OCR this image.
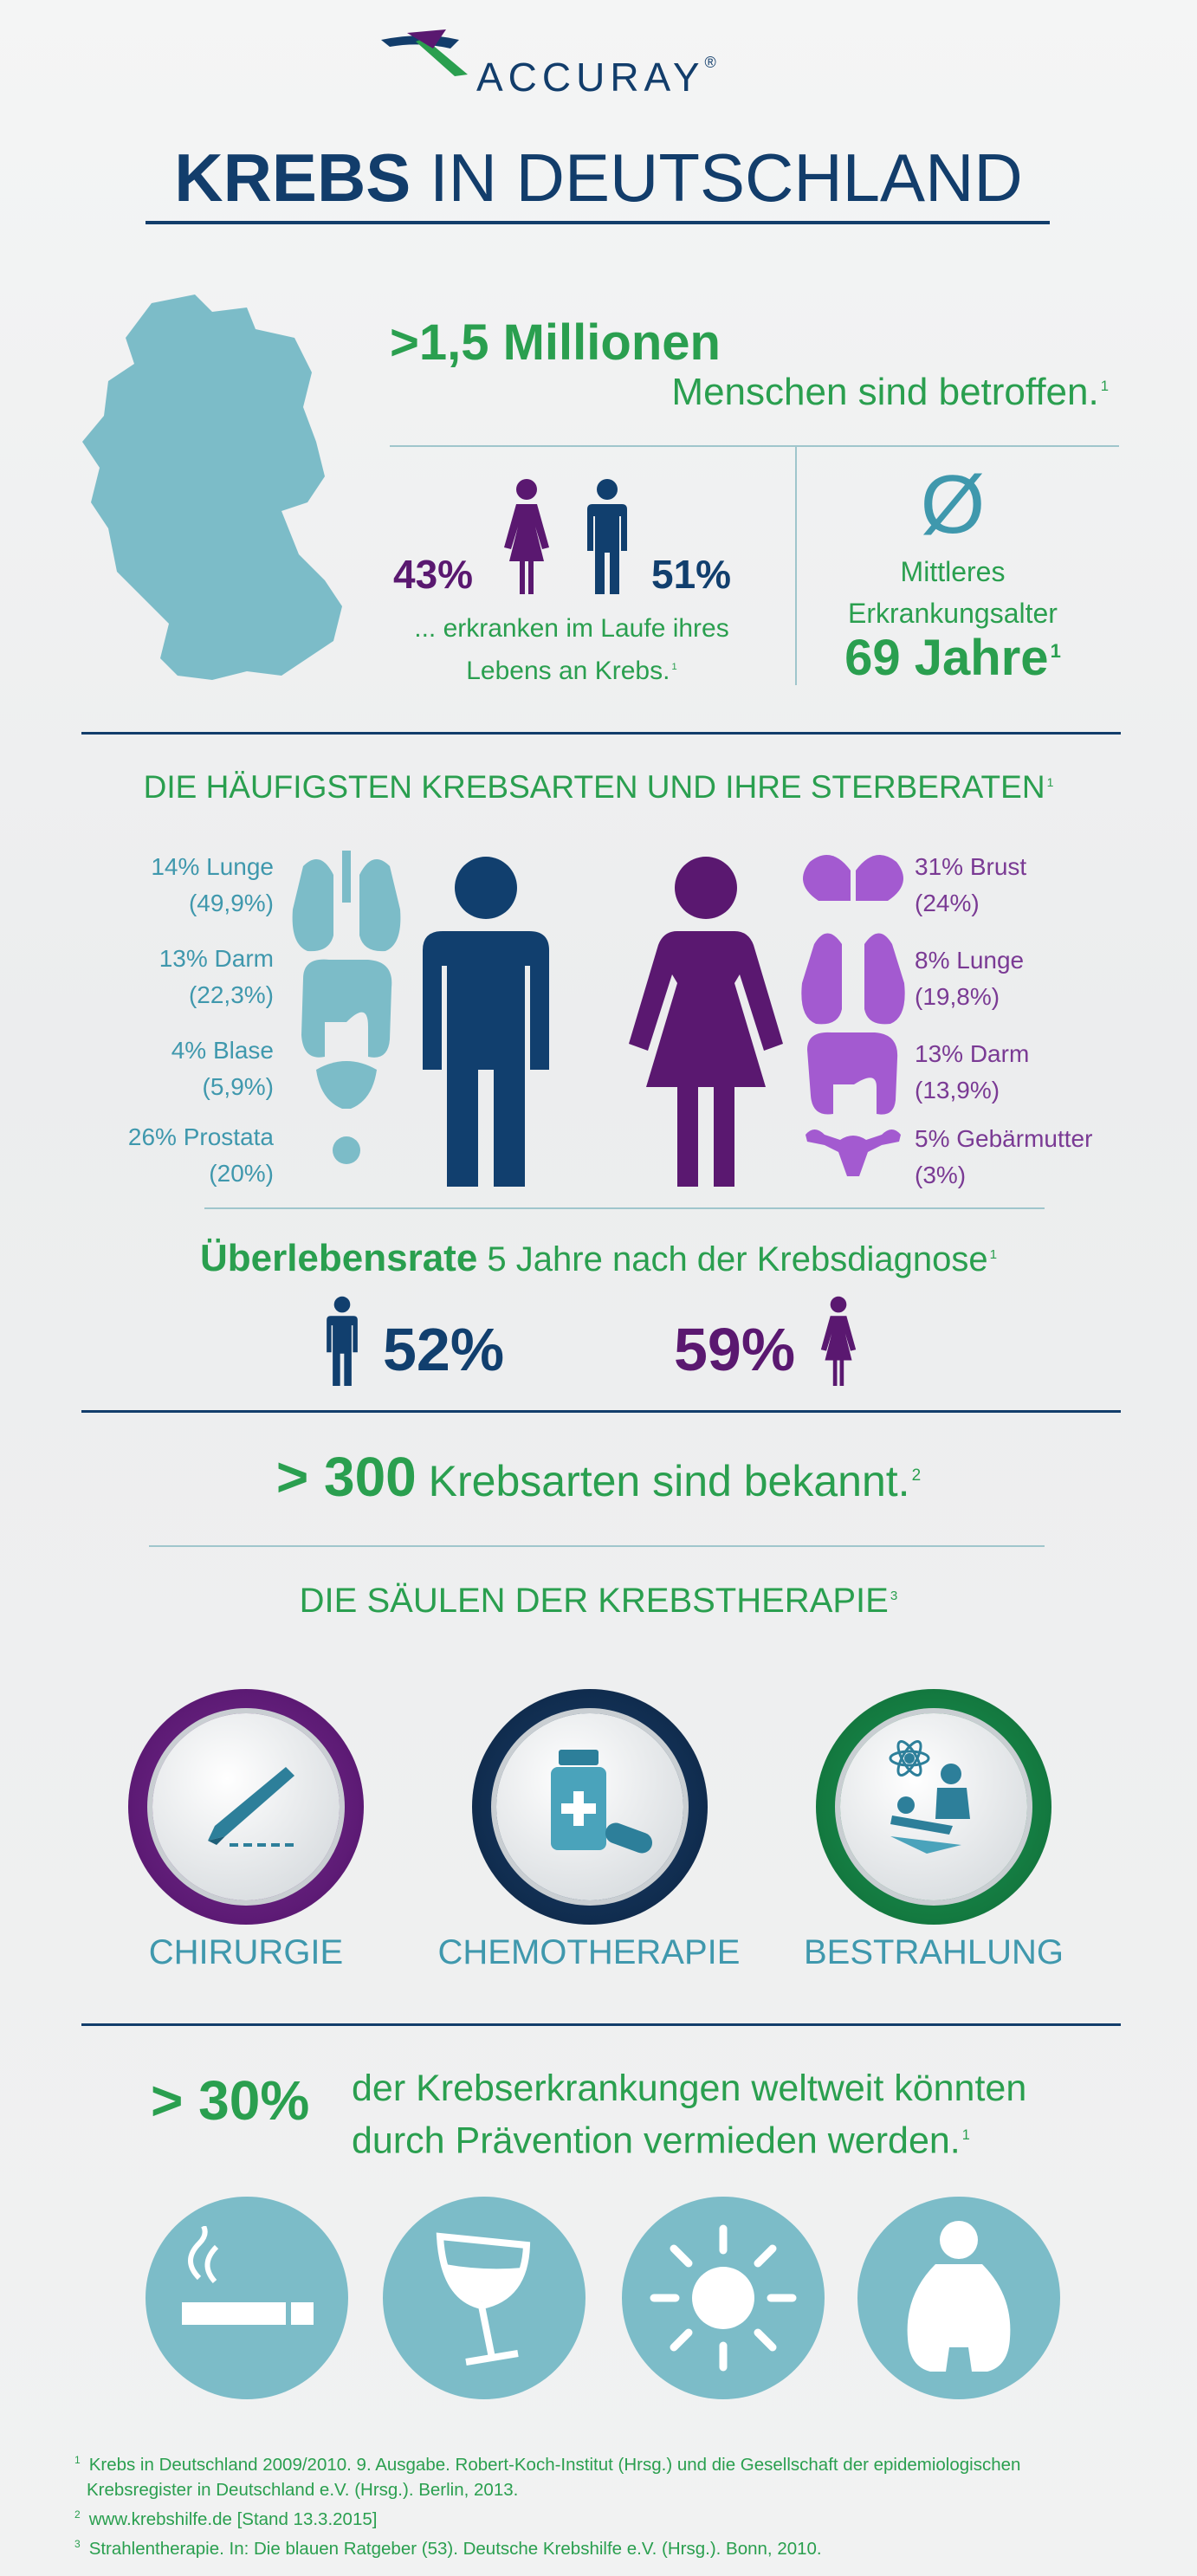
ACCURAY®
KREBS IN DEUTSCHLAND
>1,5 Millionen
Menschen sind betroffen. $^1$
43%	51%
... erkranken im Laufe ihres
Lebens an Krebs. $^1$
Ø
Mittleres
Erkrankungsalter
69 Jahre$^1$
DIE HÄUFIGSTEN KREBSARTEN UND IHRE STERBERATEN $^1$
14% Lunge
(49,9%)
13% Darm
(22,3%)
4% Blase
(5,9%)
26% Prostata
(20%)
31% Brust
(24%)
8% Lunge
(19,8%)
13% Darm
(13,9%)
5% Gebärmutter
(3%)
Überlebensrate 5 Jahre nach der Krebsdiagnose $^1$
52%	59%
> 300 Krebsarten sind bekannt. $^2$
DIE SÄULEN DER KREBSTHERAPIE $^3$
CHIRURGIE	CHEMOTHERAPIE	BESTRAHLUNG
> 30% der Krebserkrankungen weltweit könnten
durch Prävention vermieden werden. $^1$
$^1$ Krebs in Deutschland 2009/2010. 9. Ausgabe. Robert-Koch-Institut (Hrsg.) und die Gesellschaft der epidemiologischen
Krebsregister in Deutschland e.V. (Hrsg.). Berlin, 2013.
$^2$ www.krebshilfe.de [Stand 13.3.2015]
$^3$ Strahlentherapie. In: Die blauen Ratgeber (53). Deutsche Krebshilfe e.V. (Hrsg.). Bonn, 2010.
